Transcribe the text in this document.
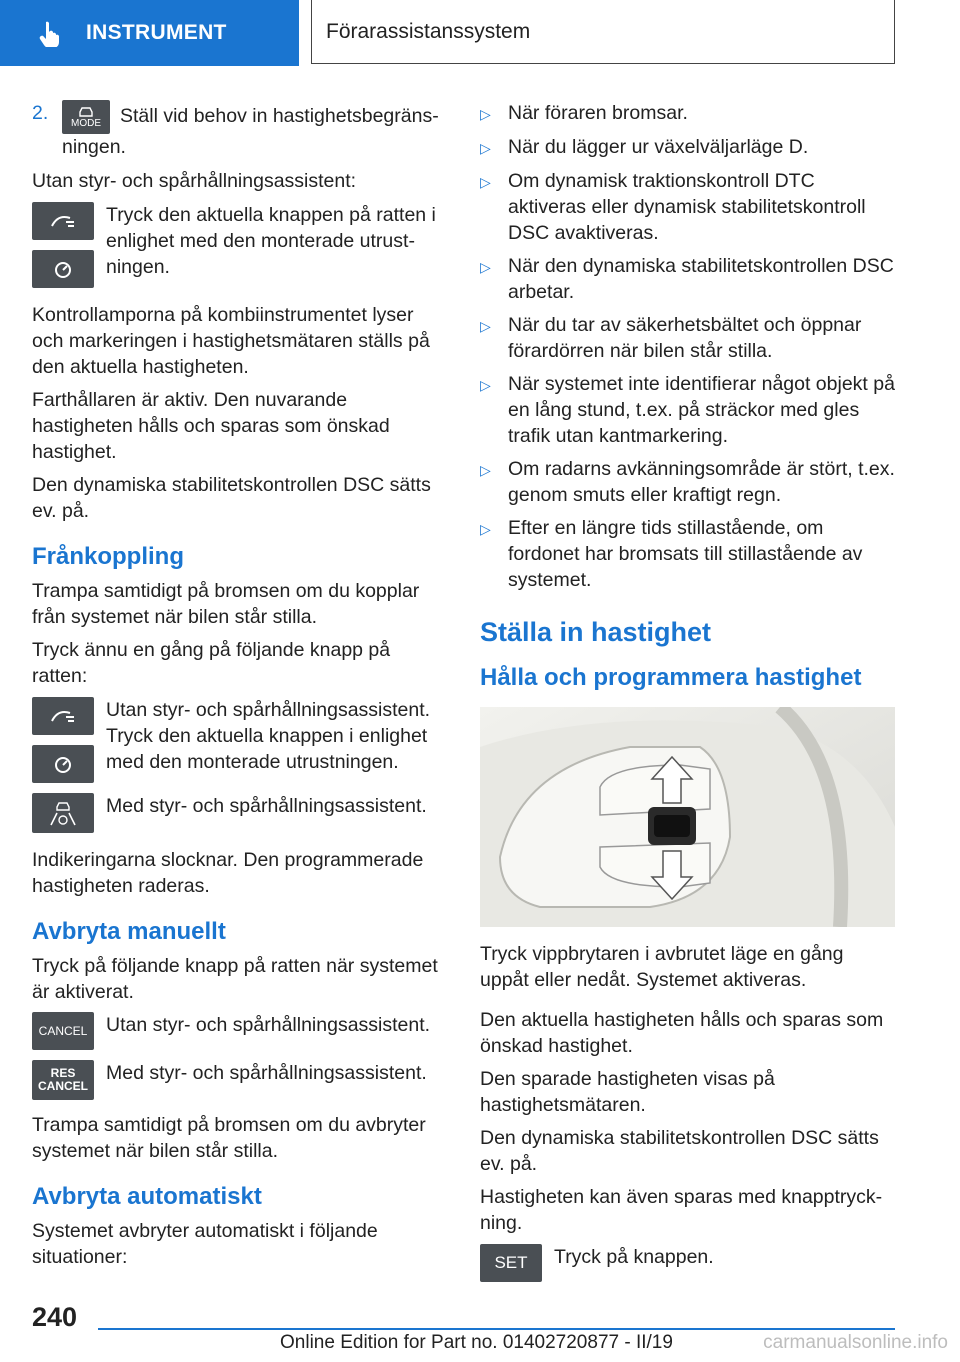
INSTRUMENT	Förarassistanssystem
2.	MODE Ställ vid behov in hastighetsbegränsningen.

Utan styr- och spårhållningsassistent:

Tryck den aktuella knappen på ratten i enlighet med den monterade utrustningen.

Kontrollamporna på kombiinstrumentet lyser och markeringen i hastighetsmätaren ställs på den aktuella hastigheten.

Farthållaren är aktiv. Den nuvarande hastigheten hålls och sparas som önskad hastighet.

Den dynamiska stabilitetskontrollen DSC sätts ev. på.

Frånkoppling

Trampa samtidigt på bromsen om du kopplar från systemet när bilen står stilla.

Tryck ännu en gång på följande knapp på ratten:

Utan styr- och spårhållningsassistent. Tryck den aktuella knappen i enlighet med den monterade utrustningen.
Med styr- och spårhållningsassistent.

Indikeringarna slocknar. Den programmerade hastigheten raderas.

Avbryta manuellt

Tryck på följande knapp på ratten när systemet är aktiverat.

CANCEL Utan styr- och spårhållningsassistent.
RES
CANCEL
Med styr- och spårhållningsassistent.

Trampa samtidigt på bromsen om du avbryter systemet när bilen står stilla.

Avbryta automatiskt

Systemet avbryter automatiskt i följande situationer:

▷ När föraren bromsar.
▷ När du lägger ur växelväljarläge D.
▷ Om dynamisk traktionskontroll DTC aktiveras eller dynamisk stabilitetskontroll DSC avaktiveras.
▷ När den dynamiska stabilitetskontrollen DSC arbetar.
▷ När du tar av säkerhetsbältet och öppnar förardörren när bilen står stilla.
▷ När systemet inte identifierar något objekt på en lång stund, t.ex. på sträckor med gles trafik utan kantmarkering.
▷ Om radarns avkänningsområde är stört, t.ex. genom smuts eller kraftigt regn.
▷ Efter en längre tids stillastående, om fordonet har bromsats till stillastående av systemet.
Ställa in hastighet
Hålla och programmera hastighet

Tryck vippbrytaren i avbrutet läge en gång uppåt eller nedåt. Systemet aktiveras.

Den aktuella hastigheten hålls och sparas som önskad hastighet.

Den sparade hastigheten visas på hastighetsmätaren.

Den dynamiska stabilitetskontrollen DSC sätts ev. på.

Hastigheten kan även sparas med knapptryckning.

SET Tryck på knappen.
240
Online Edition for Part no. 01402720877 - II/19	carmanualsonline.info
